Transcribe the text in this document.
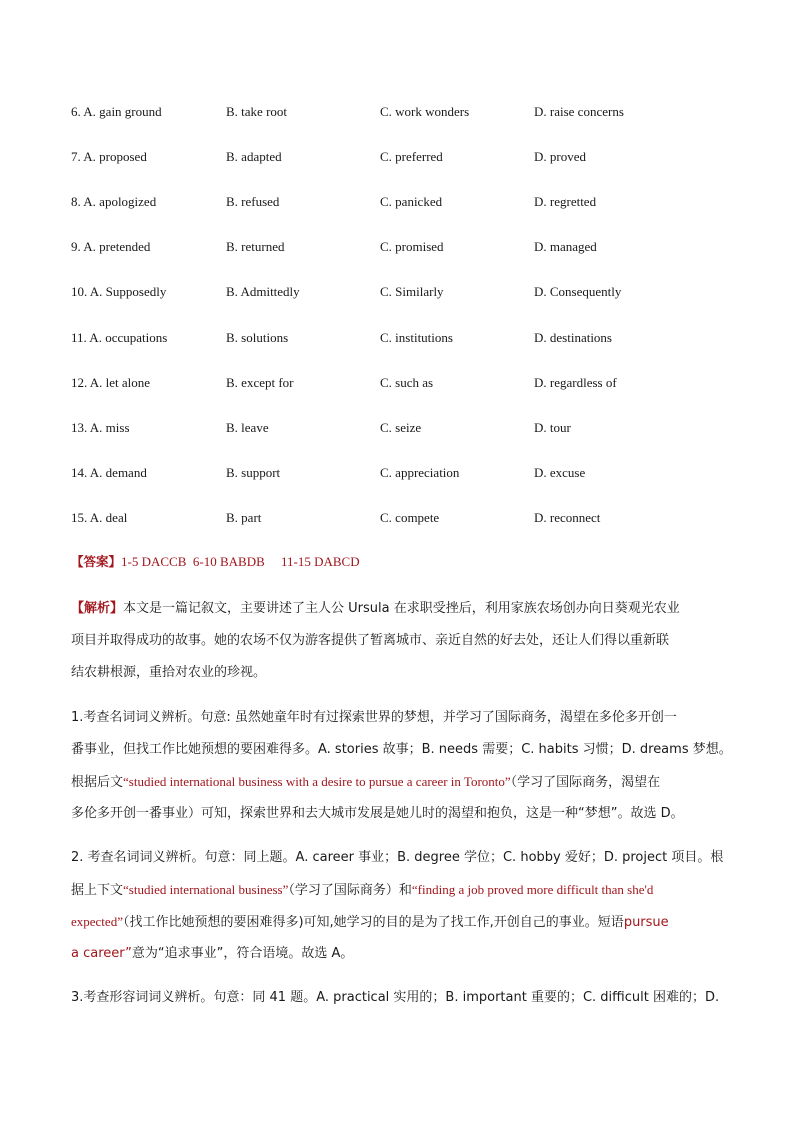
6. A. gain ground	B. take root	C. work wonders	D. raise concerns
7. A. proposed	B. adapted	C. preferred	D. proved
8. A. apologized	B. refused	C. panicked	D. regretted
9. A. pretended	B. returned	C. promised	D. managed
10. A. Supposedly	B. Admittedly	C. Similarly	D. Consequently
11. A. occupations	B. solutions	C. institutions	D. destinations
12. A. let alone	B. except for	C. such as	D. regardless of
13. A. miss	B. leave	C. seize	D. tour
14. A. demand	B. support	C. appreciation	D. excuse
15. A. deal	B. part	C. compete	D. reconnect
【答案】1-5 DACCB  6-10 BABDB     11-15 DABCD
【解析】本文是一篇记叙文，主要讲述了主人公 Ursula 在求职受挫后，利用家族农场创办向日葵观光农业
项目并取得成功的故事。她的农场不仅为游客提供了暂离城市、亲近自然的好去处，还让人们得以重新联
结农耕根源，重拾对农业的珍视。
1.考查名词词义辨析。句意: 虽然她童年时有过探索世界的梦想，并学习了国际商务，渴望在多伦多开创一
番事业，但找工作比她预想的要困难得多。A. stories 故事；B. needs 需要；C. habits 习惯；D. dreams 梦想。
根据后文“studied international business with a desire to pursue a career in Toronto”（学习了国际商务，渴望在
多伦多开创一番事业）可知，探索世界和去大城市发展是她儿时的渴望和抱负，这是一种“梦想”。故选 D。
2. 考查名词词义辨析。句意：同上题。A. career 事业；B. degree 学位；C. hobby 爱好；D. project 项目。根
据上下文“studied international business”（学习了国际商务）和“finding a job proved more difficult than she'd
expected”（找工作比她预想的要困难得多)可知,她学习的目的是为了找工作,开创自己的事业。短语pursue
a career”意为“追求事业”，符合语境。故选 A。
3.考查形容词词义辨析。句意：同 41 题。A. practical 实用的；B. important 重要的；C. difficult 困难的；D.
